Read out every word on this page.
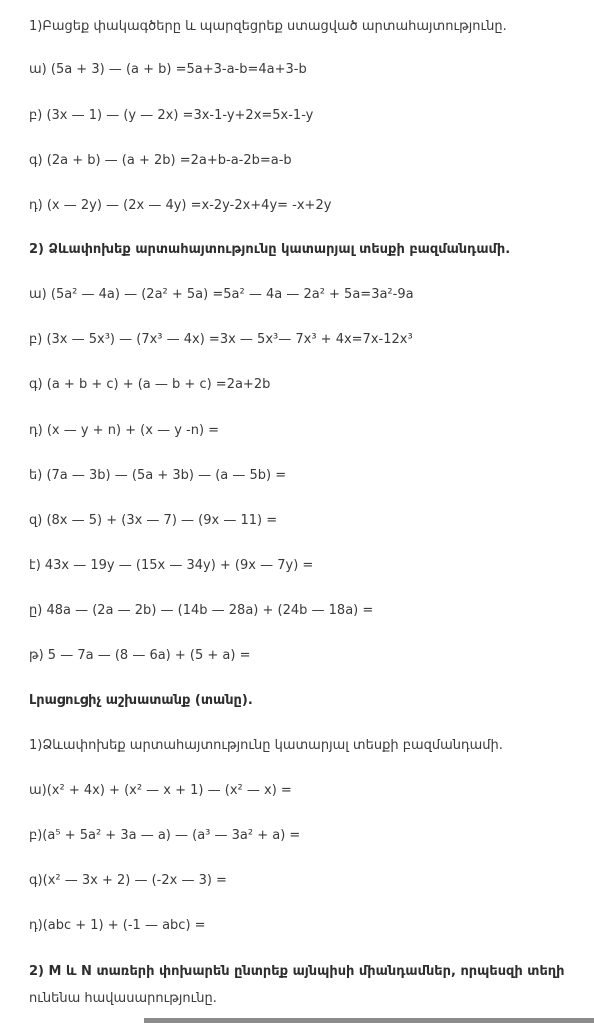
1)Բացեք փակագծերը և պարզեցրեք ստացված արտահայտությունը.
ա) (5a + 3) — (a + b) =5a+3-a-b=4a+3-b
բ) (3x — 1) — (y — 2x) =3x-1-y+2x=5x-1-y
գ) (2a + b) — (a + 2b) =2a+b-a-2b=a-b
դ) (x — 2y) — (2x — 4y) =x-2y-2x+4y= -x+2y
2) Ձևափոխեք արտահայտությունը կատարյալ տեսքի բազմանդամի.
ա) (5a² — 4a) — (2a² + 5a) =5a² — 4a — 2a² + 5a=3a²-9a
բ) (3x — 5x³) — (7x³ — 4x) =3x — 5x³— 7x³ + 4x=7x-12x³
գ) (a + b + c) + (a — b + c) =2a+2b
դ) (x — y + n) + (x — y -n) =
ե) (7a — 3b) — (5a + 3b) — (a — 5b) =
զ) (8x — 5) + (3x — 7) — (9x — 11) =
է) 43x — 19y — (15x — 34y) + (9x — 7y) =
ը) 48a — (2a — 2b) — (14b — 28a) + (24b — 18a) =
թ) 5 — 7a — (8 — 6a) + (5 + a) =
Լրացուցիչ աշխատանք (տանը).
1)Ձևափոխեք արտահայտությունը կատարյալ տեսքի բազմանդամի.
ա)(x² + 4x) + (x² — x + 1) — (x² — x) =
բ)(a⁵ + 5a² + 3a — a) — (a³ — 3a² + a) =
գ)(x² — 3x + 2) — (-2x — 3) =
դ)(abc + 1) + (-1 — abc) =
2) M և N տառերի փոխարեն ընտրեք այնպիսի միանդամներ, որպեսզի տեղի
ունենա հավասարությունը.
